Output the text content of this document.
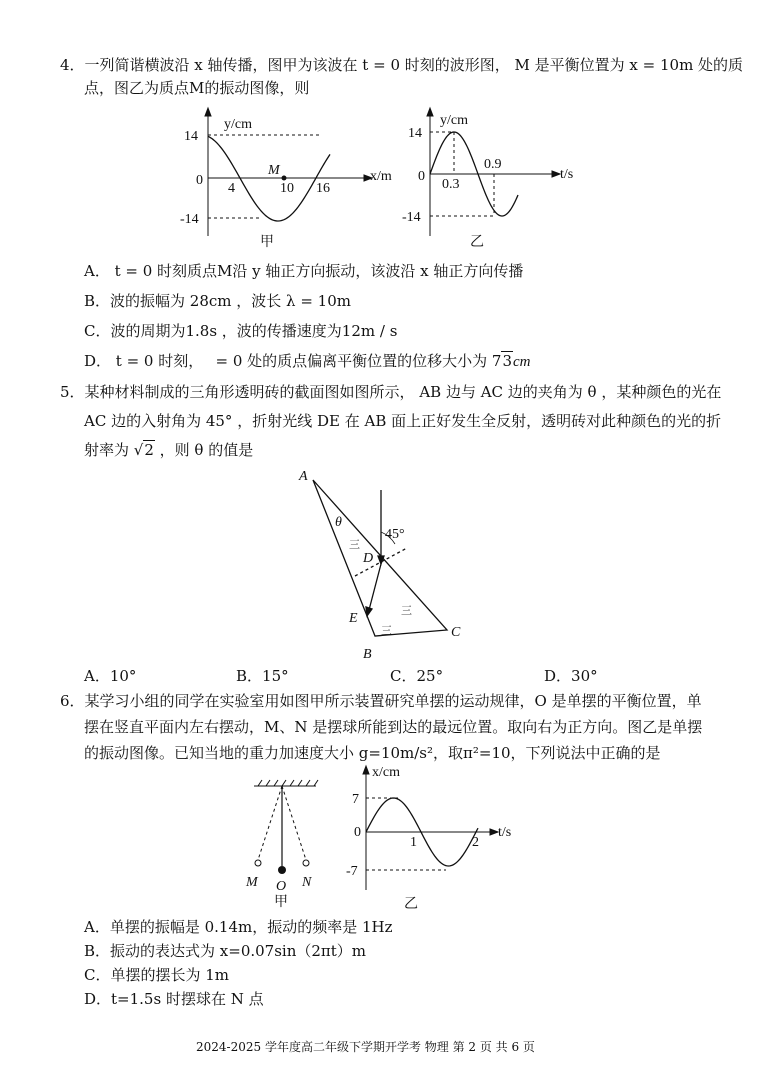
4．一列简谐横波沿 x 轴传播，图甲为该波在 t = 0 时刻的波形图， M 是平衡位置为 x = 10m 处的质
点，图乙为质点M的振动图像，则
y/cm
x/m
14
0
-14
4	10 16
M
甲
y/cm
t/s
14
0
-14
0.3
0.9
乙
A． t = 0 时刻质点M沿 y 轴正方向振动，该波沿 x 轴正方向传播
B．波的振幅为 28cm ，波长 λ = 10m
C．波的周期为1.8s ，波的传播速度为12m / s
D． t = 0 时刻，　 = 0 处的质点偏离平衡位置的位移大小为 73cm
5．某种材料制成的三角形透明砖的截面图如图所示， AB 边与 AC 边的夹角为 θ ，某种颜色的光在
AC 边的入射角为 45° ，折射光线 DE 在 AB 面上正好发生全反射，透明砖对此种颜色的光的折
射率为 √2 ，则 θ 的值是
A
B
C
D
E
θ
45°
三
三
三
A．10°	B．15°	C．25°	D．30°
6．某学习小组的同学在实验室用如图甲所示装置研究单摆的运动规律，O 是单摆的平衡位置，单
摆在竖直平面内左右摆动，M、N 是摆球所能到达的最远位置。取向右为正方向。图乙是单摆
的振动图像。已知当地的重力加速度大小 g=10m/s²，取π²=10，下列说法中正确的是
M O N
甲
x/cm
t/s
7
0
-7
1	2
乙
A．单摆的振幅是 0.14m，振动的频率是 1Hz
B．振动的表达式为 x=0.07sin（2πt）m
C．单摆的摆长为 1m
D．t=1.5s 时摆球在 N 点
2024-2025 学年度高二年级下学期开学考 物理 第 2 页 共 6 页
